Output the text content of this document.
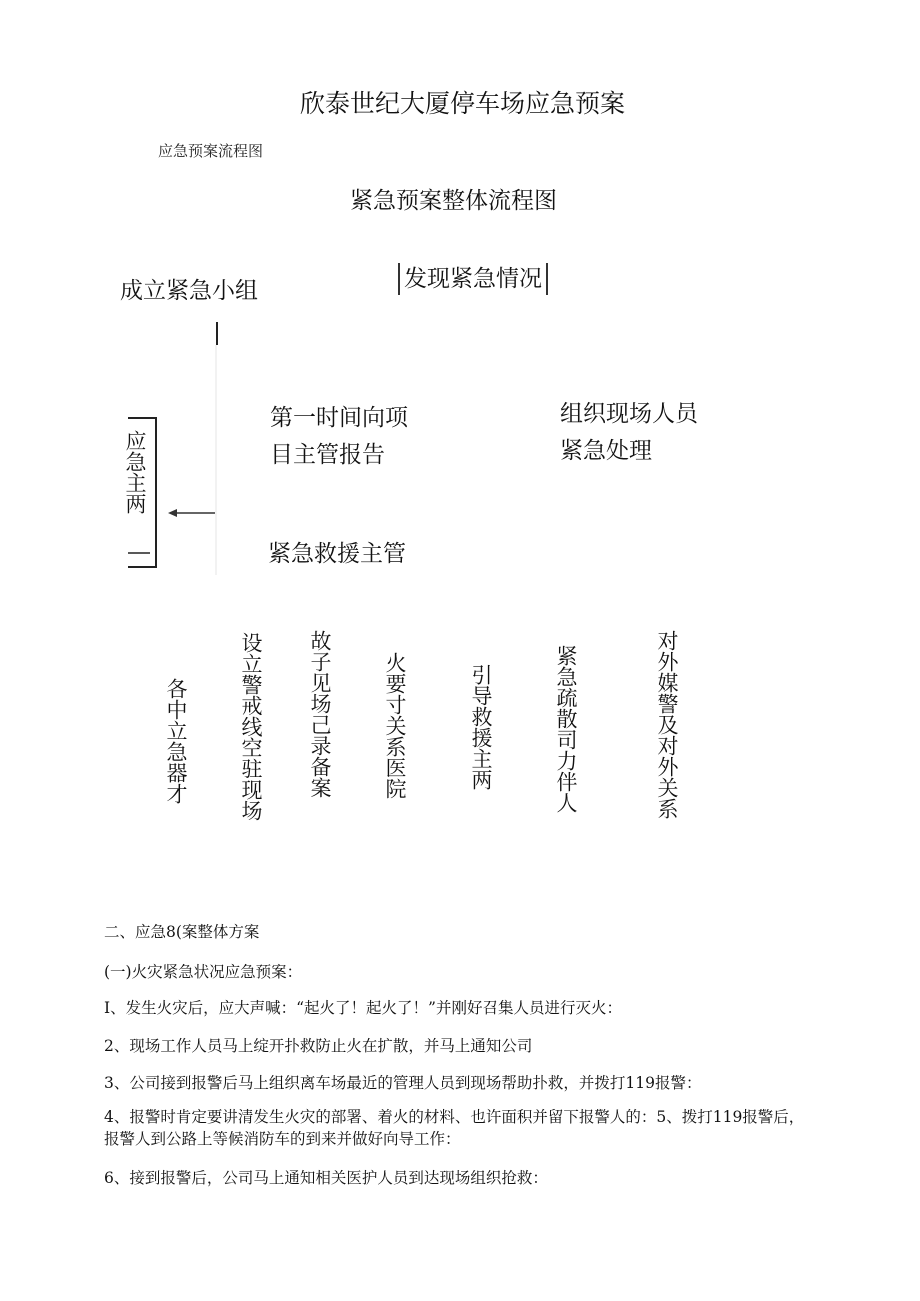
欣泰世纪大厦停车场应急预案
应急预案流程图
紧急预案整体流程图
发现紧急情况
成立紧急小组
第一时间向项目主管报告
组织现场人员紧急处理
紧急救援主管
应急主两
各中立急器才 设立警戒线空驻现场 故子见场己录备案 火要寸关系医院	引导救援主两	紧急疏散司力伴人	对外媒警及对外关系
二、应急8(案整体方案
(一)火灾紧急状况应急预案：
I、发生火灾后，应大声喊：“起火了！起火了！”并刚好召集人员进行灭火：
2、现场工作人员马上绽开扑救防止火在扩散，并马上通知公司
3、公司接到报警后马上组织离车场最近的管理人员到现场帮助扑救，并拨打119报警：
4、报警时肯定要讲清发生火灾的部署、着火的材料、也许面积并留下报警人的：5、拨打119报警后，报警人到公路上等候消防车的到来并做好向导工作：
6、接到报警后，公司马上通知相关医护人员到达现场组织抢救：
